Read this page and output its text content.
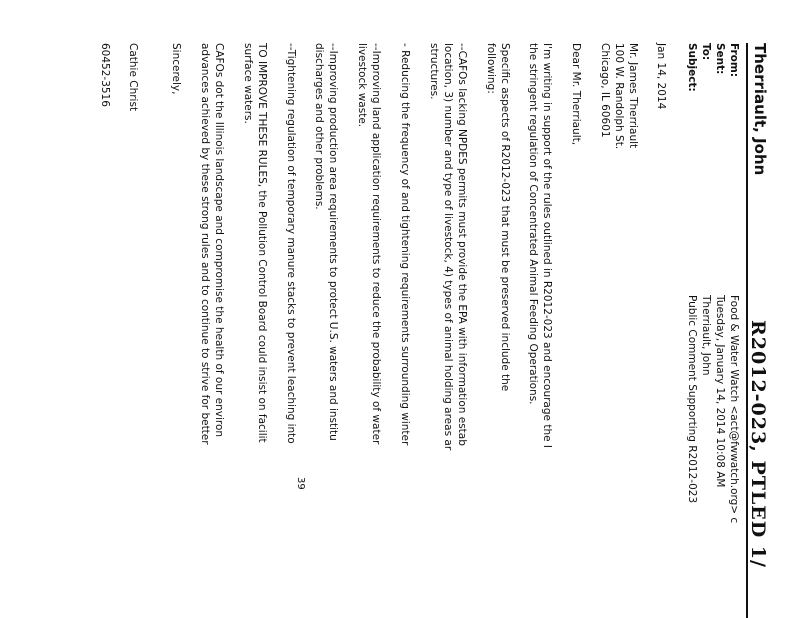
Therriault, John
R2012-023, PTLED 1/
From:
Food & Water Watch <act@fwwatch.org> c
Sent:
Tuesday, January 14, 2014 10:08 AM
To:
Therriault, John
Subject:
Public Comment Supporting R2012-023
Jan 14, 2014
Mr. James Therriault
100 W. Randolph St.
Chicago, IL 60601
Dear Mr. Therriault,
I'm writing in support of the rules outlined in R2012-023 and encourage the I
the stringent regulation of Concentrated Animal Feeding Operations.
Specific aspects of R2012-023 that must be preserved include the
following:
--CAFOs lacking NPDES permits must provide the EPA with information estab
location, 3) number and type of livestock, 4) types of animal holding areas ar
structures.
- Reducing the frequency of and tightening requirements surrounding winter
--Improving land application requirements to reduce the probability of water
livestock waste.
--Improving production area requirements to protect U.S. waters and institu
discharges and other problems.
--Tightening regulation of temporary manure stacks to prevent leaching into
TO IMPROVE THESE RULES, the Pollution Control Board could insist on facilit
surface waters.
CAFOs dot the Illinois landscape and compromise the health of our environ
advances achieved by these strong rules and to continue to strive for better
Sincerely,
Cathie Christ
60452-3516
39
